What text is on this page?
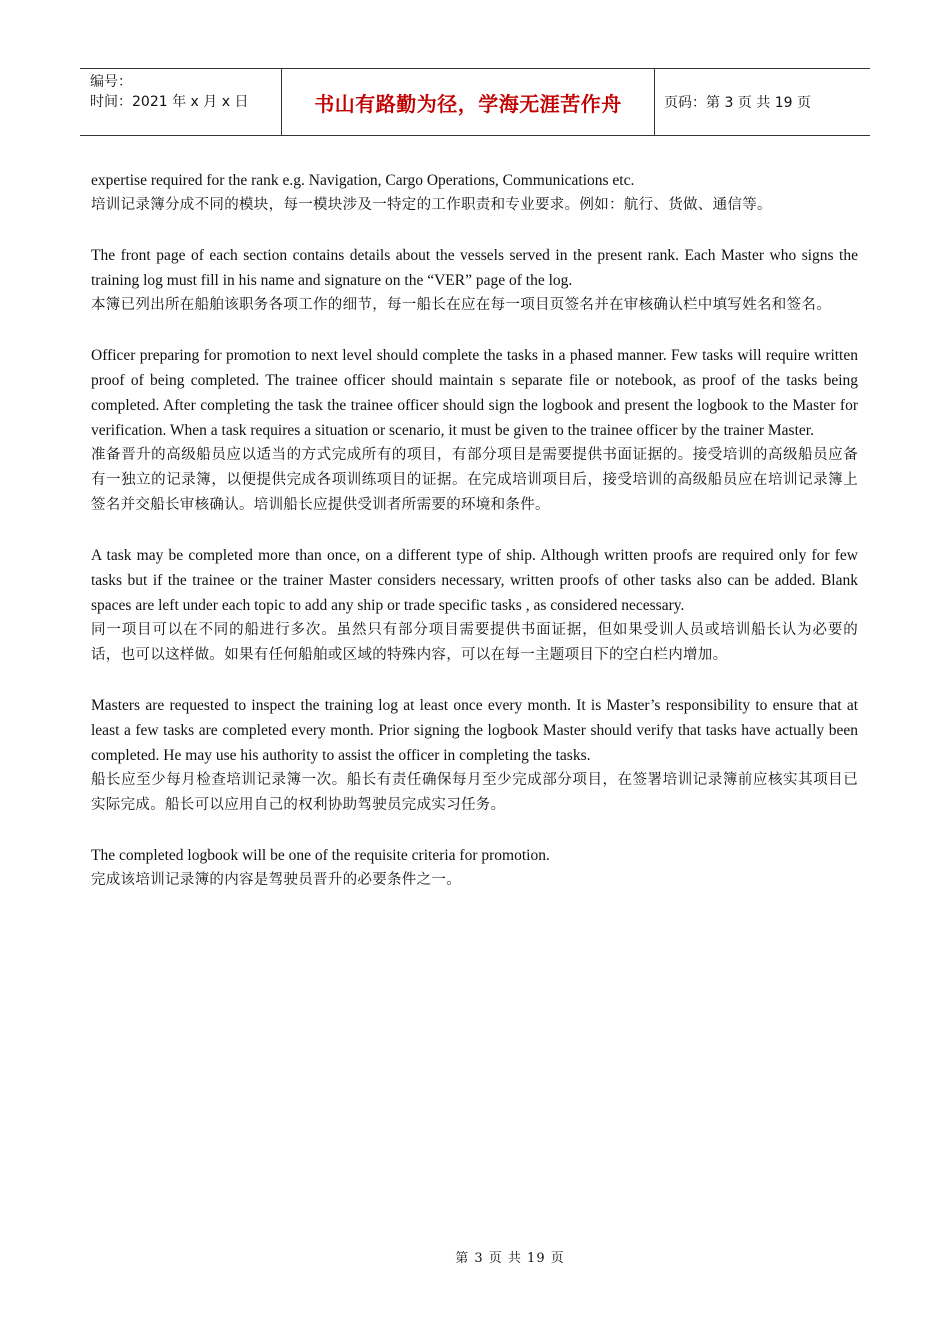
编号：
时间：2021 年 x 月 x 日	书山有路勤为径，学海无涯苦作舟	页码：第 3 页 共 19 页

expertise required for the rank e.g. Navigation, Cargo Operations, Communications etc.

培训记录簿分成不同的模块，每一模块涉及一特定的工作职责和专业要求。例如：航行、货做、通信等。

The front page of each section contains details about the vessels served in the present rank. Each Master who signs the training log must fill in his name and signature on the “VER” page of the log.

本簿已列出所在船舶该职务各项工作的细节，每一船长在应在每一项目页签名并在审核确认栏中填写姓名和签名。

Officer preparing for promotion to next level should complete the tasks in a phased manner. Few tasks will require written proof of being completed. The trainee officer should maintain s separate file or notebook, as proof of the tasks being completed. After completing the task the trainee officer should sign the logbook and present the logbook to the Master for verification. When a task requires a situation or scenario, it must be given to the trainee officer by the trainer Master.

准备晋升的高级船员应以适当的方式完成所有的项目，有部分项目是需要提供书面证据的。接受培训的高级船员应备有一独立的记录簿，以便提供完成各项训练项目的证据。在完成培训项目后，接受培训的高级船员应在培训记录簿上签名并交船长审核确认。培训船长应提供受训者所需要的环境和条件。

A task may be completed more than once, on a different type of ship. Although written proofs are required only for few tasks but if the trainee or the trainer Master considers necessary, written proofs of other tasks also can be added. Blank spaces are left under each topic to add any ship or trade specific tasks , as considered necessary.

同一项目可以在不同的船进行多次。虽然只有部分项目需要提供书面证据，但如果受训人员或培训船长认为必要的话，也可以这样做。如果有任何船舶或区域的特殊内容，可以在每一主题项目下的空白栏内增加。

Masters are requested to inspect the training log at least once every month. It is Master’s responsibility to ensure that at least a few tasks are completed every month. Prior signing the logbook Master should verify that tasks have actually been completed. He may use his authority to assist the officer in completing the tasks.

船长应至少每月检查培训记录簿一次。船长有责任确保每月至少完成部分项目，在签署培训记录簿前应核实其项目已实际完成。船长可以应用自己的权利协助驾驶员完成实习任务。

The completed logbook will be one of the requisite criteria for promotion.

完成该培训记录簿的内容是驾驶员晋升的必要条件之一。

第 3 页 共 19 页
